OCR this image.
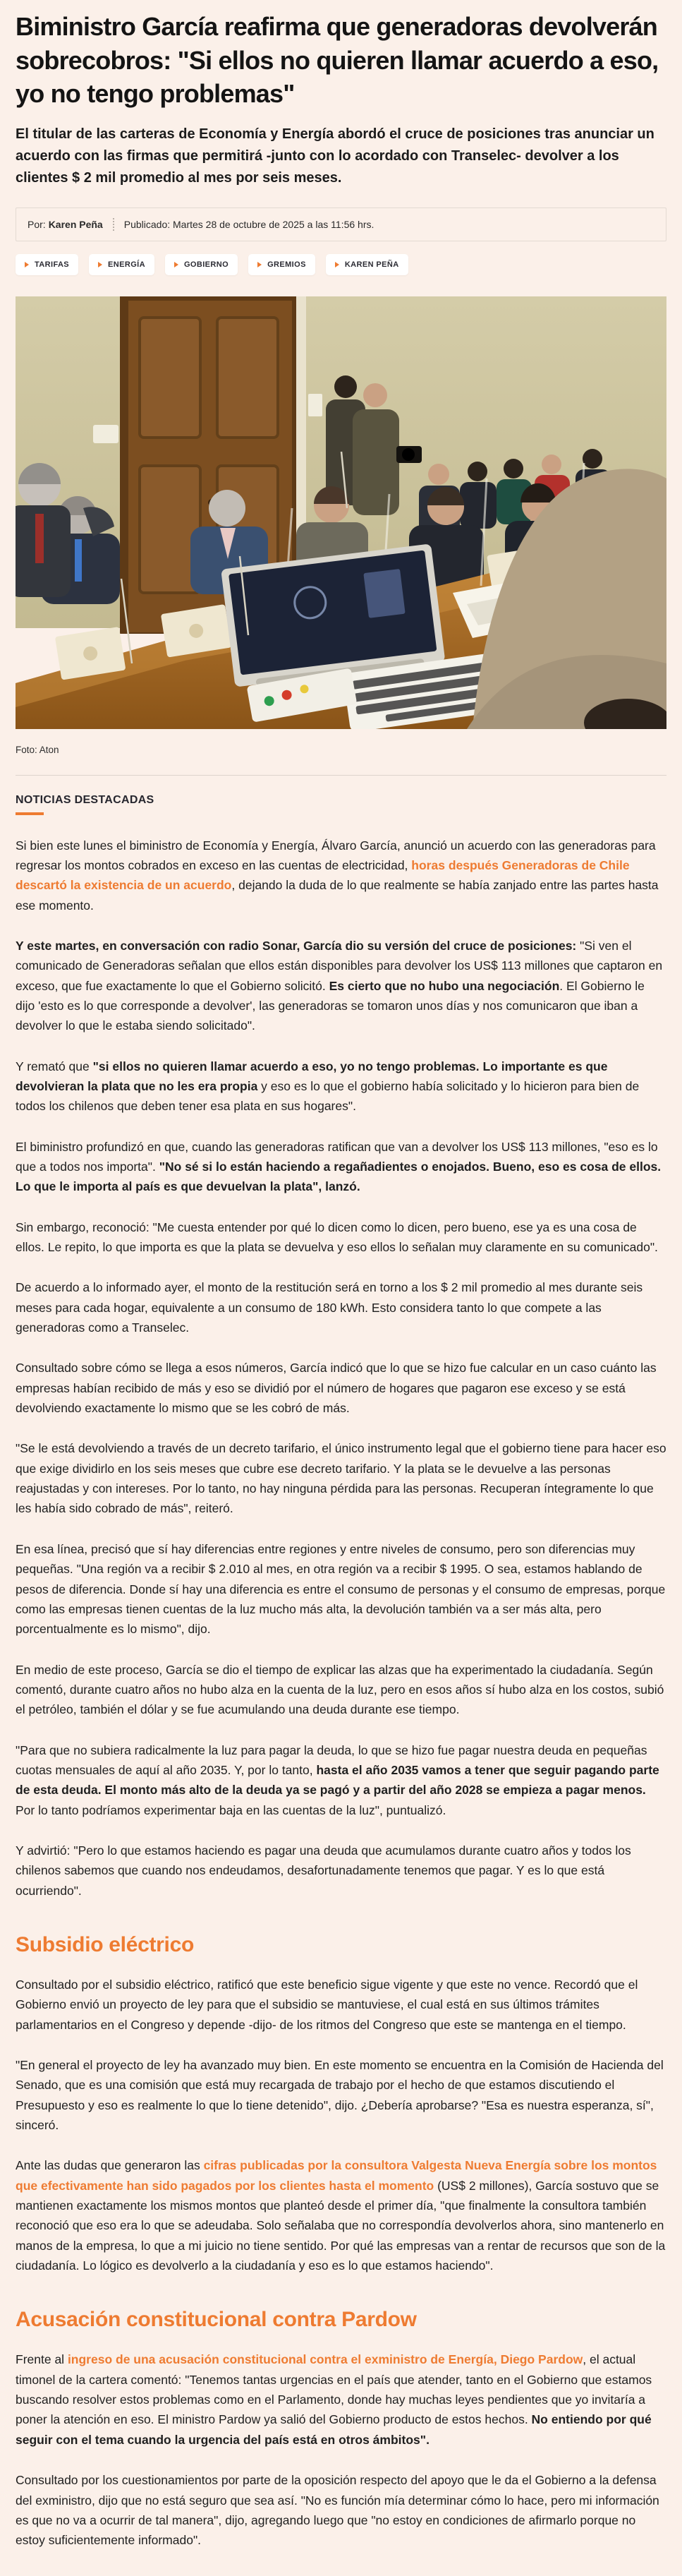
Biministro García reafirma que generadoras devolverán sobrecobros: "Si ellos no quieren llamar acuerdo a eso, yo no tengo problemas"

El titular de las carteras de Economía y Energía abordó el cruce de posiciones tras anunciar un acuerdo con las firmas que permitirá -junto con lo acordado con Transelec- devolver a los clientes $ 2 mil promedio al mes por seis meses.

Por: Karen Peña Publicado: Martes 28 de octubre de 2025 a las 11:56 hrs.
TARIFAS	ENERGÍA	GOBIERNO	GREMIOS	KAREN PEÑA

Foto: Aton

NOTICIAS DESTACADAS

Si bien este lunes el biministro de Economía y Energía, Álvaro García, anunció un acuerdo con las generadoras para regresar los montos cobrados en exceso en las cuentas de electricidad, horas después Generadoras de Chile descartó la existencia de un acuerdo, dejando la duda de lo que realmente se había zanjado entre las partes hasta ese momento.

Y este martes, en conversación con radio Sonar, García dio su versión del cruce de posiciones: "Si ven el comunicado de Generadoras señalan que ellos están disponibles para devolver los US$ 113 millones que captaron en exceso, que fue exactamente lo que el Gobierno solicitó. Es cierto que no hubo una negociación. El Gobierno le dijo 'esto es lo que corresponde a devolver', las generadoras se tomaron unos días y nos comunicaron que iban a devolver lo que le estaba siendo solicitado".

Y remató que "si ellos no quieren llamar acuerdo a eso, yo no tengo problemas. Lo importante es que devolvieran la plata que no les era propia y eso es lo que el gobierno había solicitado y lo hicieron para bien de todos los chilenos que deben tener esa plata en sus hogares".

El biministro profundizó en que, cuando las generadoras ratifican que van a devolver los US$ 113 millones, "eso es lo que a todos nos importa". "No sé si lo están haciendo a regañadientes o enojados. Bueno, eso es cosa de ellos. Lo que le importa al país es que devuelvan la plata", lanzó.

Sin embargo, reconoció: "Me cuesta entender por qué lo dicen como lo dicen, pero bueno, ese ya es una cosa de ellos. Le repito, lo que importa es que la plata se devuelva y eso ellos lo señalan muy claramente en su comunicado".

De acuerdo a lo informado ayer, el monto de la restitución será en torno a los $ 2 mil promedio al mes durante seis meses para cada hogar, equivalente a un consumo de 180 kWh. Esto considera tanto lo que compete a las generadoras como a Transelec.

Consultado sobre cómo se llega a esos números, García indicó que lo que se hizo fue calcular en un caso cuánto las empresas habían recibido de más y eso se dividió por el número de hogares que pagaron ese exceso y se está devolviendo exactamente lo mismo que se les cobró de más.

"Se le está devolviendo a través de un decreto tarifario, el único instrumento legal que el gobierno tiene para hacer eso que exige dividirlo en los seis meses que cubre ese decreto tarifario. Y la plata se le devuelve a las personas reajustadas y con intereses. Por lo tanto, no hay ninguna pérdida para las personas. Recuperan íntegramente lo que les había sido cobrado de más", reiteró.

En esa línea, precisó que sí hay diferencias entre regiones y entre niveles de consumo, pero son diferencias muy pequeñas. "Una región va a recibir $ 2.010 al mes, en otra región va a recibir $ 1995. O sea, estamos hablando de pesos de diferencia. Donde sí hay una diferencia es entre el consumo de personas y el consumo de empresas, porque como las empresas tienen cuentas de la luz mucho más alta, la devolución también va a ser más alta, pero porcentualmente es lo mismo", dijo.

En medio de este proceso, García se dio el tiempo de explicar las alzas que ha experimentado la ciudadanía. Según comentó, durante cuatro años no hubo alza en la cuenta de la luz, pero en esos años sí hubo alza en los costos, subió el petróleo, también el dólar y se fue acumulando una deuda durante ese tiempo.

"Para que no subiera radicalmente la luz para pagar la deuda, lo que se hizo fue pagar nuestra deuda en pequeñas cuotas mensuales de aquí al año 2035. Y, por lo tanto, hasta el año 2035 vamos a tener que seguir pagando parte de esta deuda. El monto más alto de la deuda ya se pagó y a partir del año 2028 se empieza a pagar menos. Por lo tanto podríamos experimentar baja en las cuentas de la luz", puntualizó.

Y advirtió: "Pero lo que estamos haciendo es pagar una deuda que acumulamos durante cuatro años y todos los chilenos sabemos que cuando nos endeudamos, desafortunadamente tenemos que pagar. Y es lo que está ocurriendo".

Subsidio eléctrico

Consultado por el subsidio eléctrico, ratificó que este beneficio sigue vigente y que este no vence. Recordó que el Gobierno envió un proyecto de ley para que el subsidio se mantuviese, el cual está en sus últimos trámites parlamentarios en el Congreso y depende -dijo- de los ritmos del Congreso que este se mantenga en el tiempo.

"En general el proyecto de ley ha avanzado muy bien. En este momento se encuentra en la Comisión de Hacienda del Senado, que es una comisión que está muy recargada de trabajo por el hecho de que estamos discutiendo el Presupuesto y eso es realmente lo que lo tiene detenido", dijo. ¿Debería aprobarse? "Esa es nuestra esperanza, sí", sinceró.

Ante las dudas que generaron las cifras publicadas por la consultora Valgesta Nueva Energía sobre los montos que efectivamente han sido pagados por los clientes hasta el momento (US$ 2 millones), García sostuvo que se mantienen exactamente los mismos montos que planteó desde el primer día, "que finalmente la consultora también reconoció que eso era lo que se adeudaba. Solo señalaba que no correspondía devolverlos ahora, sino mantenerlo en manos de la empresa, lo que a mi juicio no tiene sentido. Por qué las empresas van a rentar de recursos que son de la ciudadanía. Lo lógico es devolverlo a la ciudadanía y eso es lo que estamos haciendo".

Acusación constitucional contra Pardow

Frente al ingreso de una acusación constitucional contra el exministro de Energía, Diego Pardow, el actual timonel de la cartera comentó: "Tenemos tantas urgencias en el país que atender, tanto en el Gobierno que estamos buscando resolver estos problemas como en el Parlamento, donde hay muchas leyes pendientes que yo invitaría a poner la atención en eso. El ministro Pardow ya salió del Gobierno producto de estos hechos. No entiendo por qué seguir con el tema cuando la urgencia del país está en otros ámbitos".

Consultado por los cuestionamientos por parte de la oposición respecto del apoyo que le da el Gobierno a la defensa del exministro, dijo que no está seguro que sea así. "No es función mía determinar cómo lo hace, pero mi información es que no va a ocurrir de tal manera", dijo, agregando luego que "no estoy en condiciones de afirmarlo porque no estoy suficientemente informado".
